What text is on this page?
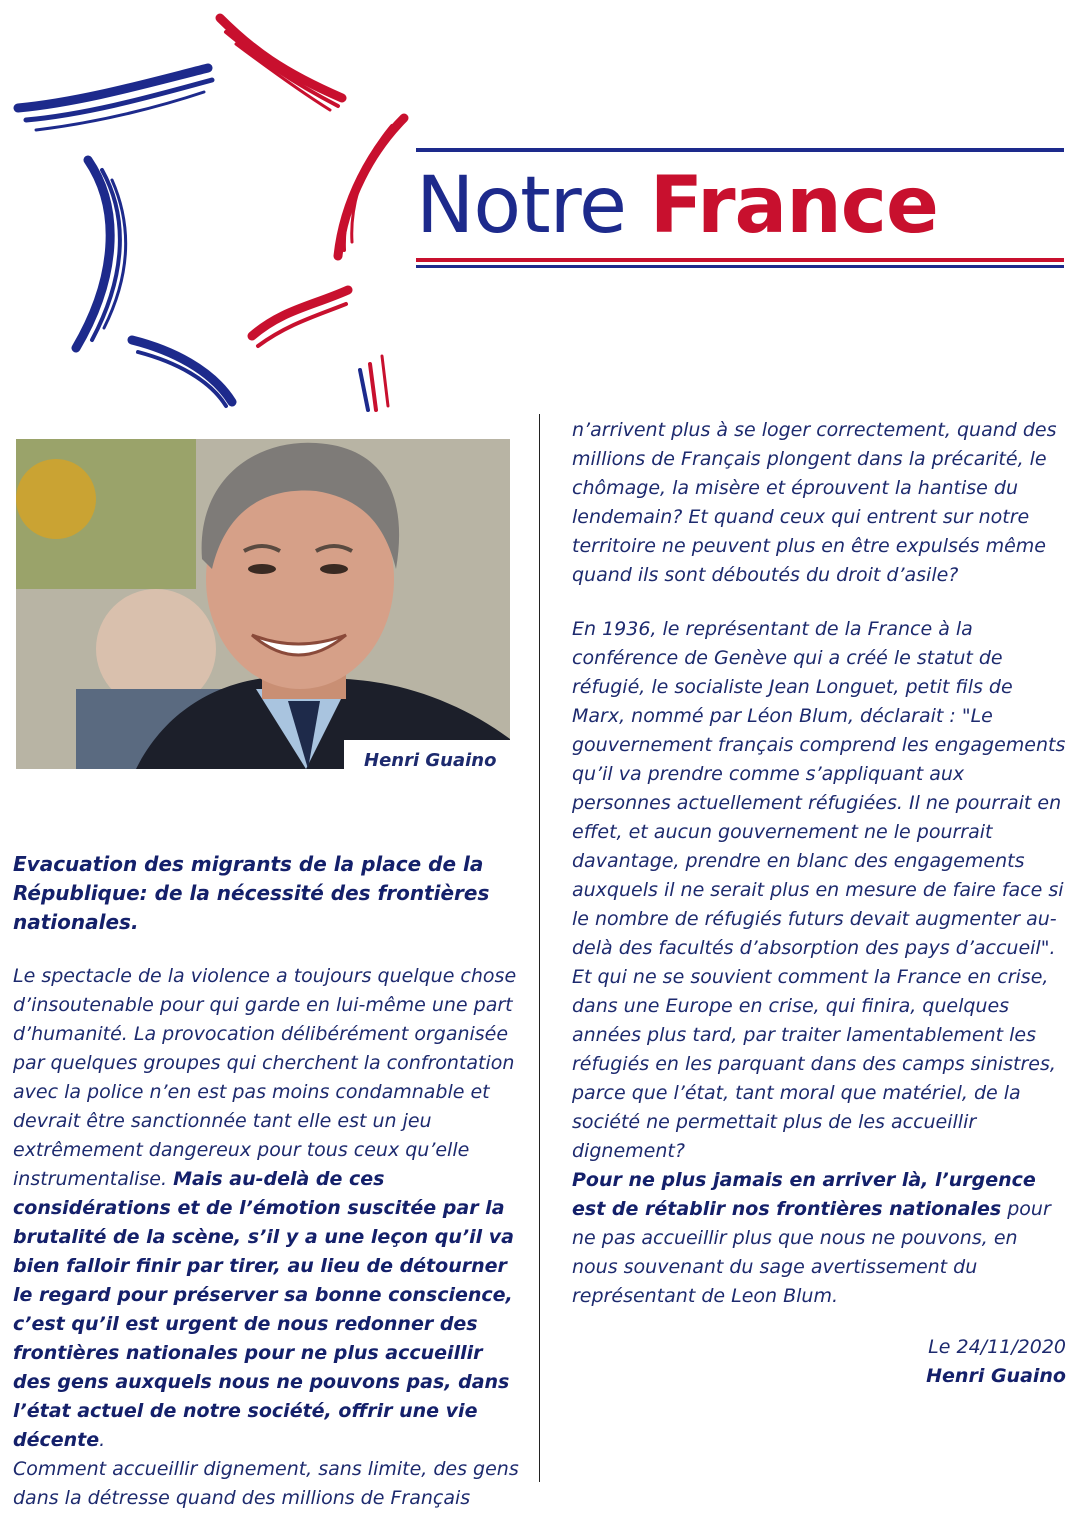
Notre France
Henri Guaino

Evacuation des migrants de la place de la République: de la nécessité des frontières nationales.

Le spectacle de la violence a toujours quelque chose d’insoutenable pour qui garde en lui-même une part d’humanité. La provocation délibérément organisée par quelques groupes qui cherchent la confrontation avec la police n’en est pas moins condamnable et devrait être sanctionnée tant elle est un jeu extrêmement dangereux pour tous ceux qu’elle instrumentalise. Mais au-delà de ces considérations et de l’émotion suscitée par la brutalité de la scène, s’il y a une leçon qu’il va bien falloir finir par tirer, au lieu de détourner le regard pour préserver sa bonne conscience, c’est qu’il est urgent de nous redonner des frontières nationales pour ne plus accueillir des gens auxquels nous ne pouvons pas, dans l’état actuel de notre société, offrir une vie décente.

Comment accueillir dignement, sans limite, des gens dans la détresse quand des millions de Français

n’arrivent plus à se loger correctement, quand des millions de Français plongent dans la précarité, le chômage, la misère et éprouvent la hantise du lendemain? Et quand ceux qui entrent sur notre territoire ne peuvent plus en être expulsés même quand ils sont déboutés du droit d’asile?

En 1936, le représentant de la France à la conférence de Genève qui a créé le statut de réfugié, le socialiste Jean Longuet, petit fils de Marx, nommé par Léon Blum, déclarait : "Le gouvernement français comprend les engagements qu’il va prendre comme s’appliquant aux personnes actuellement réfugiées. Il ne pourrait en effet, et aucun gouvernement ne le pourrait davantage, prendre en blanc des engagements auxquels il ne serait plus en mesure de faire face si le nombre de réfugiés futurs devait augmenter au-delà des facultés d’absorption des pays d’accueil".

Et qui ne se souvient comment la France en crise, dans une Europe en crise, qui finira, quelques années plus tard, par traiter lamentablement les réfugiés en les parquant dans des camps sinistres, parce que l’état, tant moral que matériel, de la société ne permettait plus de les accueillir dignement?

Pour ne plus jamais en arriver là, l’urgence est de rétablir nos frontières nationales pour ne pas accueillir plus que nous ne pouvons, en nous souvenant du sage avertissement du représentant de Leon Blum.

Le 24/11/2020
Henri Guaino
